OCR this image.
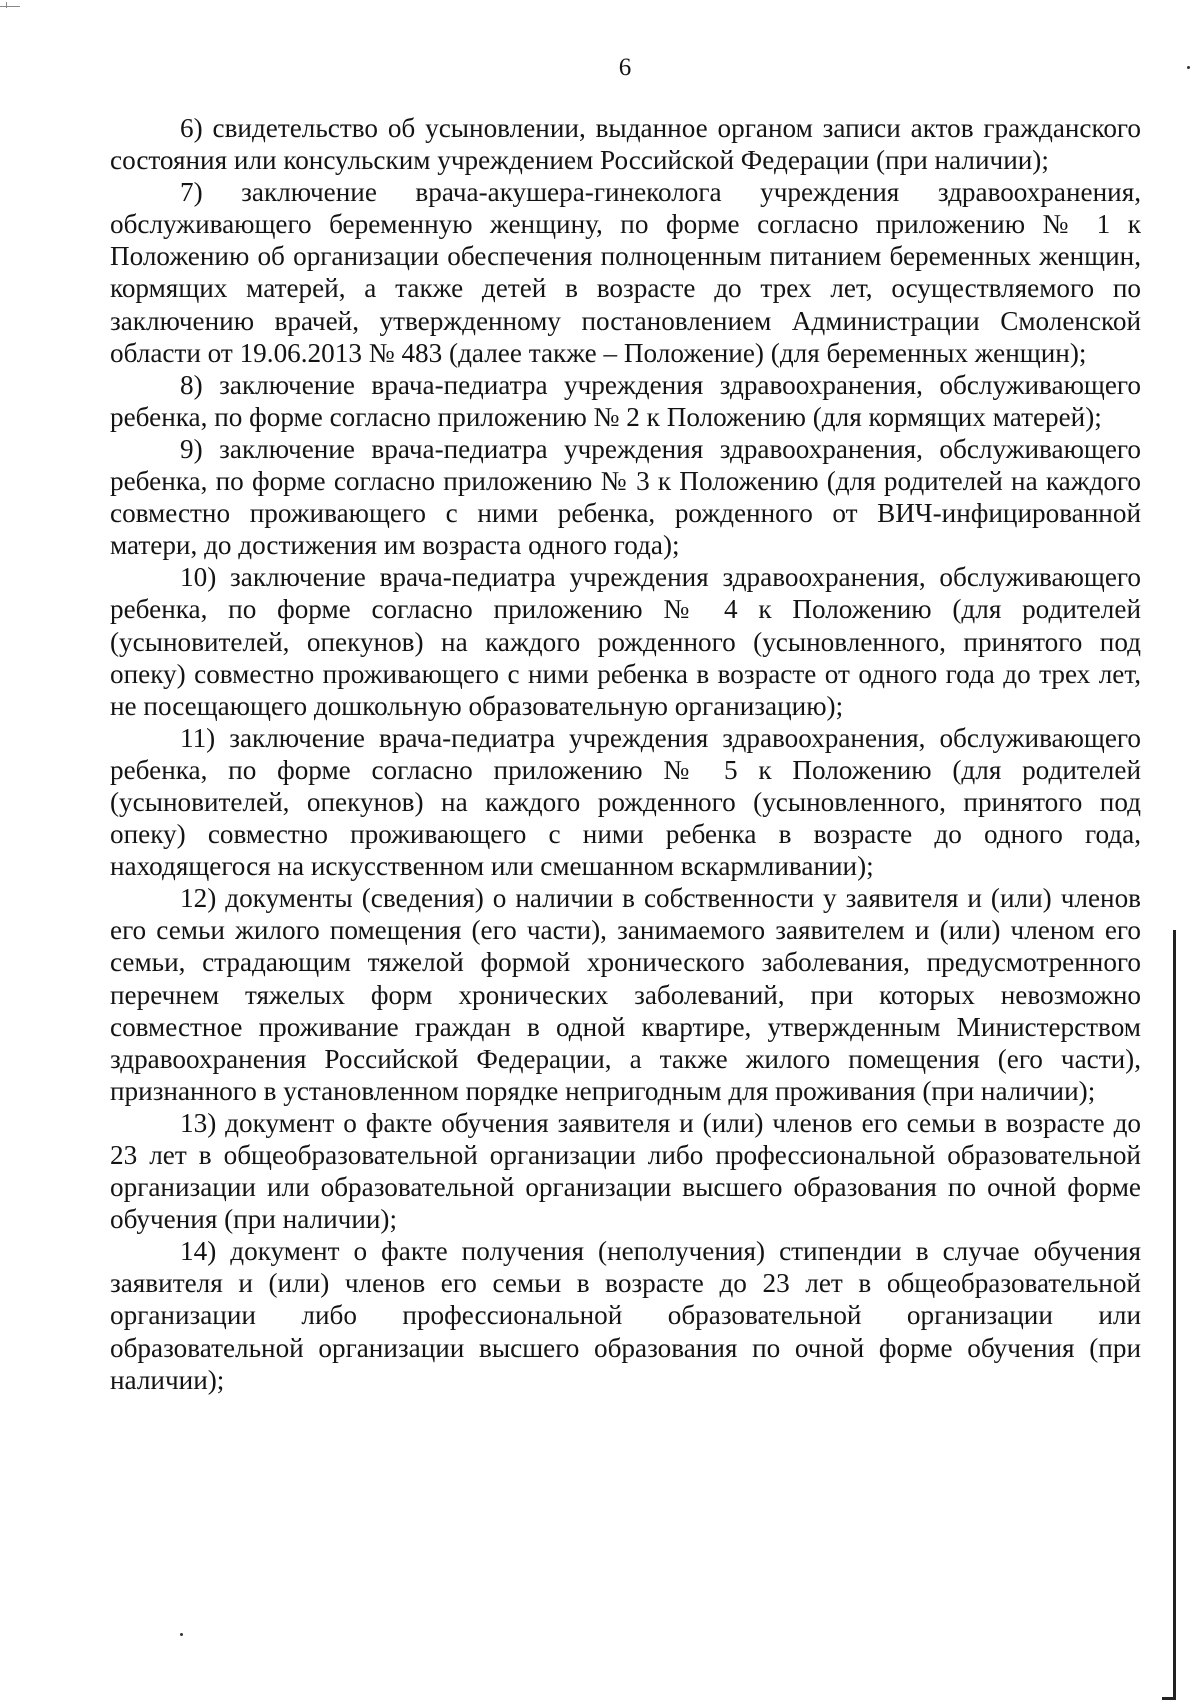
6

6) свидетельство об усыновлении, выданное органом записи актов гражданского состояния или консульским учреждением Российской Федерации (при наличии);

7) заключение врача-акушера-гинеколога учреждения здравоохранения, обслуживающего беременную женщину, по форме согласно приложению № 1 к Положению об организации обеспечения полноценным питанием беременных женщин, кормящих матерей, а также детей в возрасте до трех лет, осуществляемого по заключению врачей, утвержденному постановлением Администрации Смоленской области от 19.06.2013 № 483 (далее также – Положение) (для беременных женщин);

8) заключение врача-педиатра учреждения здравоохранения, обслуживающего ребенка, по форме согласно приложению № 2 к Положению (для кормящих матерей);

9) заключение врача-педиатра учреждения здравоохранения, обслуживающего ребенка, по форме согласно приложению № 3 к Положению (для родителей на каждого совместно проживающего с ними ребенка, рожденного от ВИЧ-инфицированной матери, до достижения им возраста одного года);

10) заключение врача-педиатра учреждения здравоохранения, обслуживающего ребенка, по форме согласно приложению № 4 к Положению (для родителей (усыновителей, опекунов) на каждого рожденного (усыновленного, принятого под опеку) совместно проживающего с ними ребенка в возрасте от одного года до трех лет, не посещающего дошкольную образовательную организацию);

11) заключение врача-педиатра учреждения здравоохранения, обслуживающего ребенка, по форме согласно приложению № 5 к Положению (для родителей (усыновителей, опекунов) на каждого рожденного (усыновленного, принятого под опеку) совместно проживающего с ними ребенка в возрасте до одного года, находящегося на искусственном или смешанном вскармливании);

12) документы (сведения) о наличии в собственности у заявителя и (или) членов его семьи жилого помещения (его части), занимаемого заявителем и (или) членом его семьи, страдающим тяжелой формой хронического заболевания, предусмотренного перечнем тяжелых форм хронических заболеваний, при которых невозможно совместное проживание граждан в одной квартире, утвержденным Министерством здравоохранения Российской Федерации, а также жилого помещения (его части), признанного в установленном порядке непригодным для проживания (при наличии);

13) документ о факте обучения заявителя и (или) членов его семьи в возрасте до 23 лет в общеобразовательной организации либо профессиональной образовательной организации или образовательной организации высшего образования по очной форме обучения (при наличии);

14) документ о факте получения (неполучения) стипендии в случае обучения заявителя и (или) членов его семьи в возрасте до 23 лет в общеобразовательной организации либо профессиональной образовательной организации или образовательной организации высшего образования по очной форме обучения (при наличии);
